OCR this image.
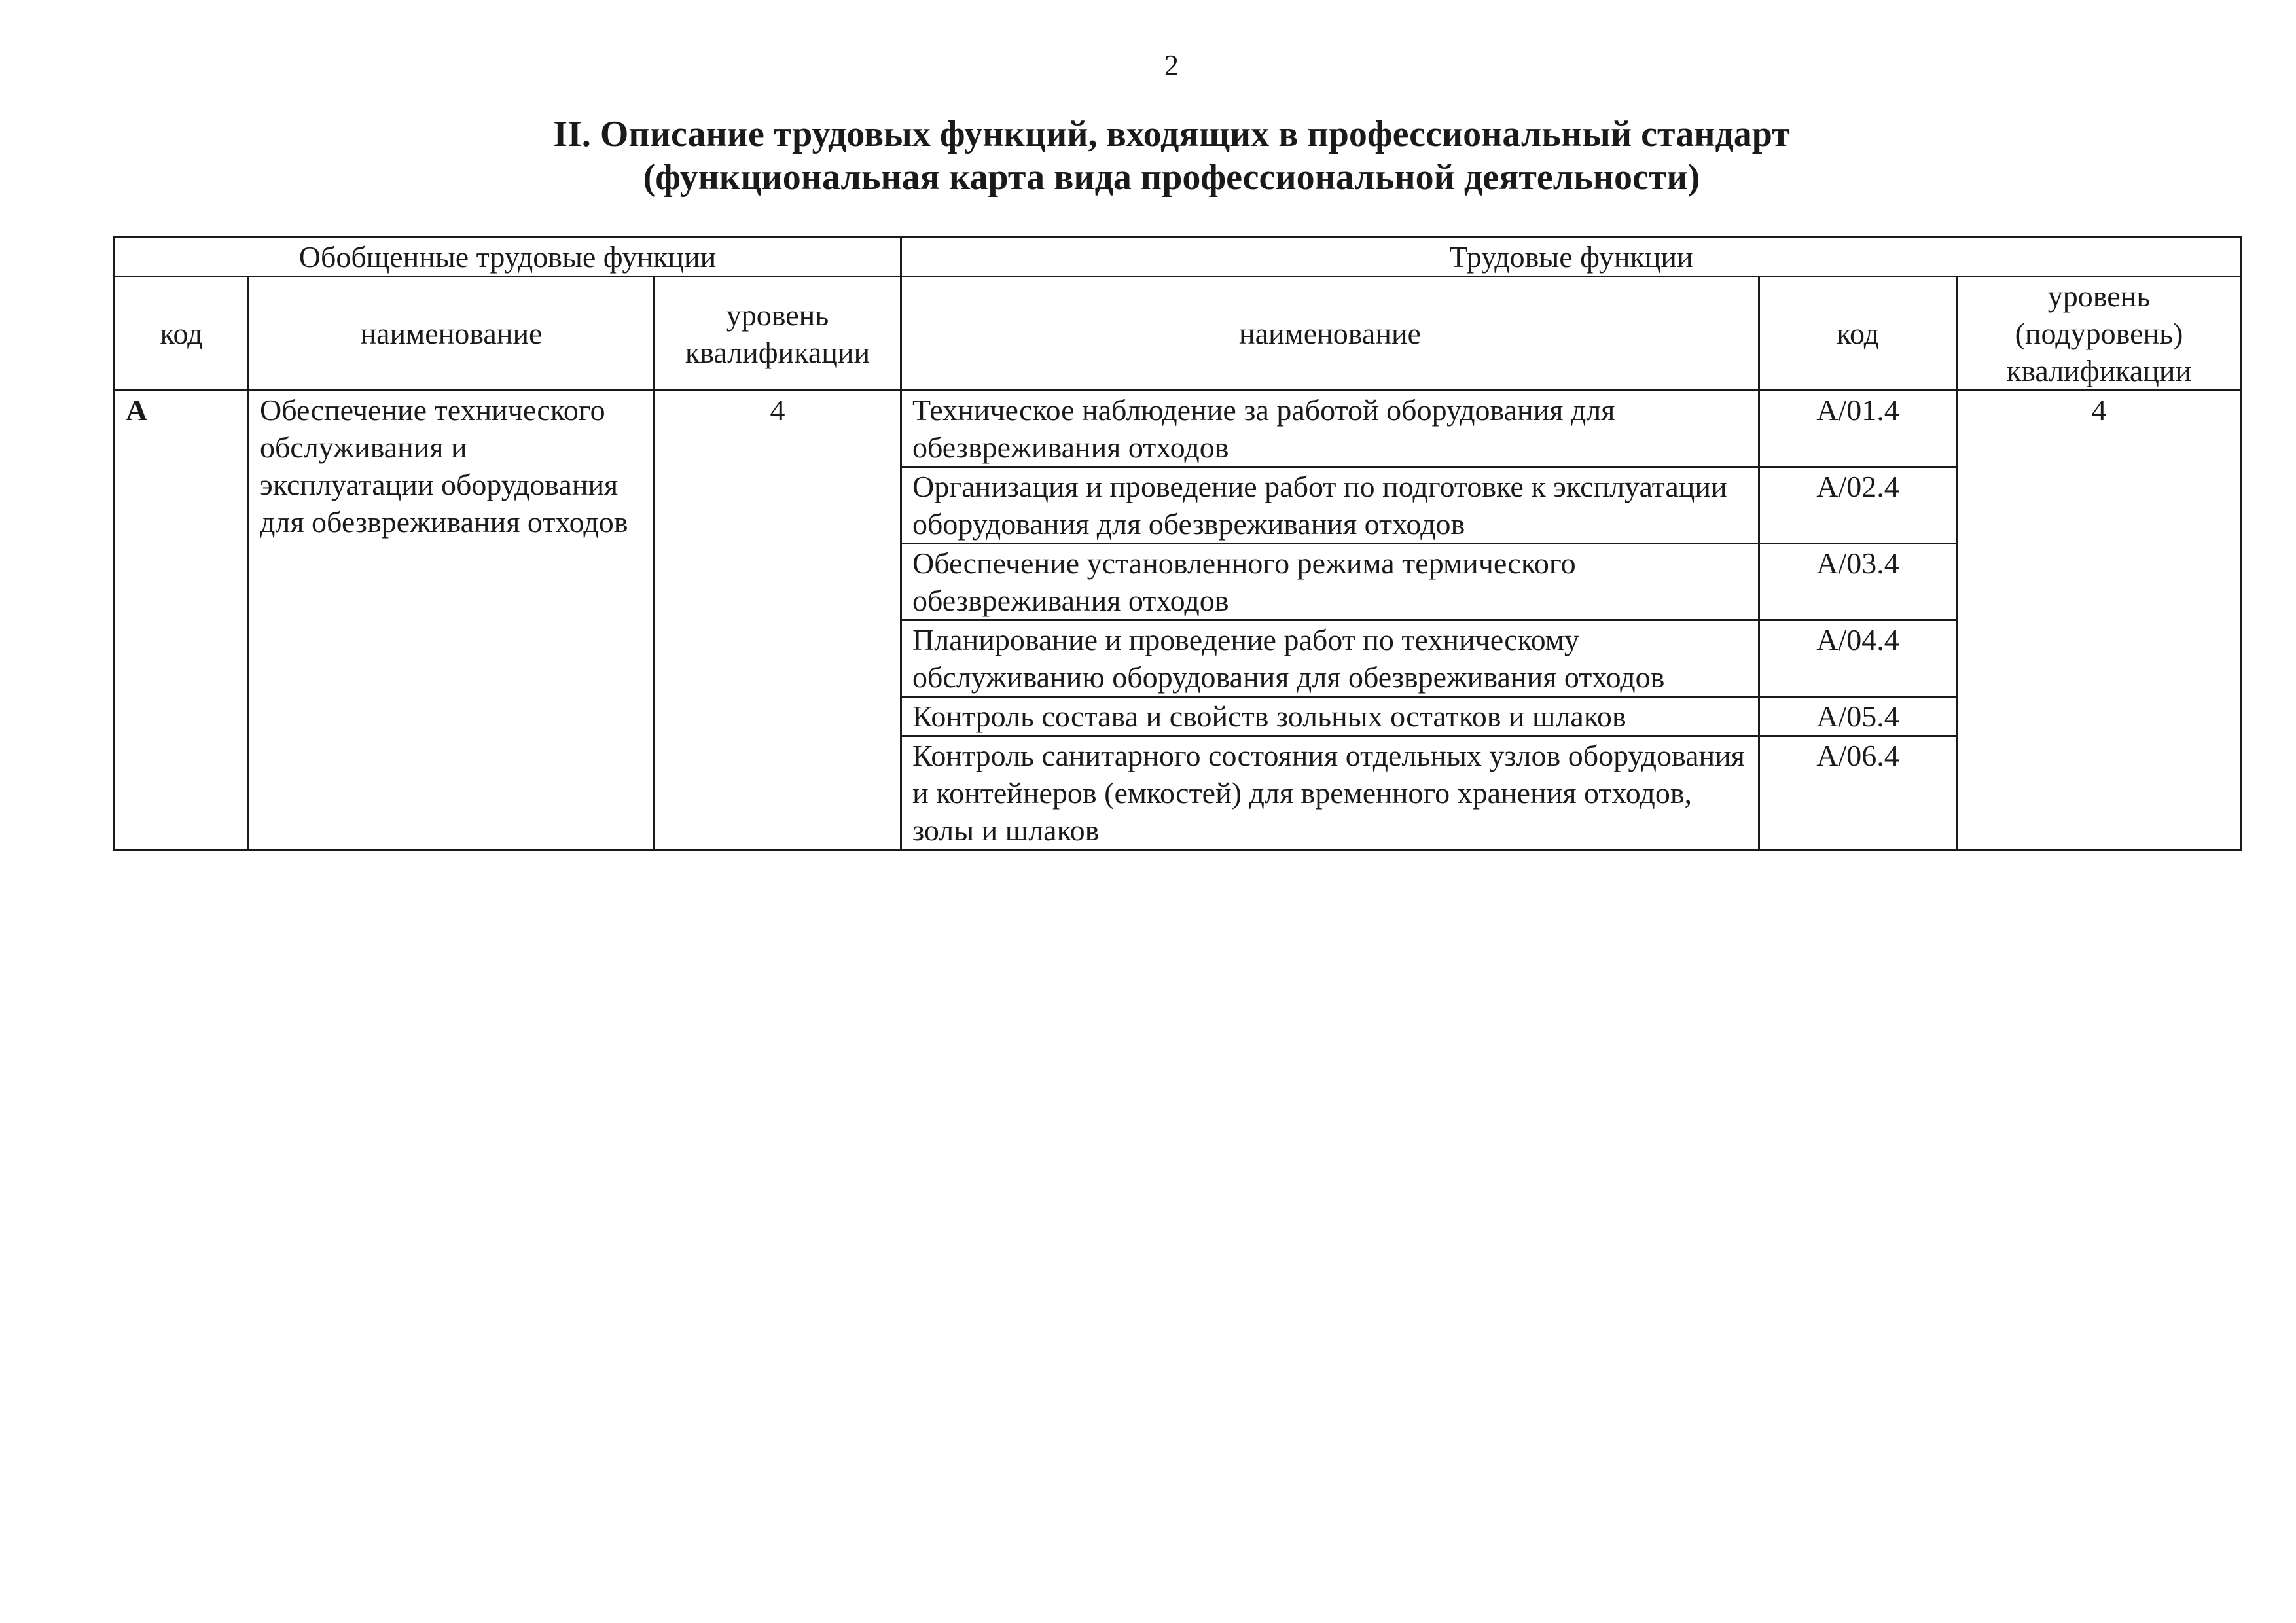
2
II. Описание трудовых функций, входящих в профессиональный стандарт
(функциональная карта вида профессиональной деятельности)
Обобщенные трудовые функции			Трудовые функции		
код	наименование	уровень квалификации	наименование	код	уровень (подуровень) квалификации
А	Обеспечение технического обслуживания и эксплуатации оборудования для обезвреживания отходов	4	Техническое наблюдение за работой оборудования для обезвреживания отходов	A/01.4	4
			Организация и проведение работ по подготовке к эксплуатации оборудования для обезвреживания отходов	A/02.4	
			Обеспечение установленного режима термического обезвреживания отходов	A/03.4	
			Планирование и проведение работ по техническому обслуживанию оборудования для обезвреживания отходов	A/04.4	
			Контроль состава и свойств зольных остатков и шлаков	A/05.4	
			Контроль санитарного состояния отдельных узлов оборудования и контейнеров (емкостей) для временного хранения отходов, золы и шлаков	A/06.4	
